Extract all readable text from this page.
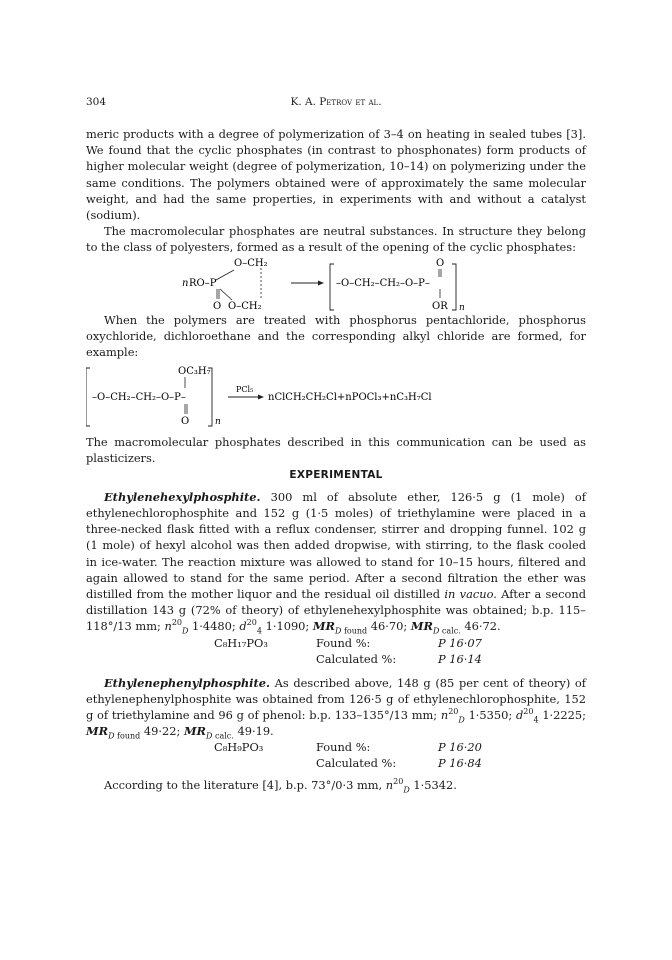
304	K. A. Petrov et al.

meric products with a degree of polymerization of 3–4 on heating in sealed tubes [3]. We found that the cyclic phosphates (in contrast to phosphonates) form products of higher molecular weight (degree of polymerization, 10–14) on polymerizing under the same conditions. The polymers obtained were of approximately the same molecular weight, and had the same properties, in experiments with and without a catalyst (sodium).

The macromolecular phosphates are neutral substances. In structure they belong to the class of polyesters, formed as a result of the opening of the cyclic phosphates:

O–CH₂
n RO–P
O O–CH₂
–O–CH₂–CH₂–O–P–
O
OR n

When the polymers are treated with phosphorus pentachloride, phosphorus oxychloride, dichloroethane and the corresponding alkyl chloride are formed, for example:

–O–CH₂–CH₂–O–P–
OC₃H₇
O	n
PCl₅
nClCH₂CH₂Cl+nPOCl₃+nC₃H₇Cl

The macromolecular phosphates described in this communication can be used as plasticizers.

EXPERIMENTAL

Ethylenehexylphosphite. 300 ml of absolute ether, 126·5 g (1 mole) of ethylenechlorophosphite and 152 g (1·5 moles) of triethylamine were placed in a three-necked flask fitted with a reflux condenser, stirrer and dropping funnel. 102 g (1 mole) of hexyl alcohol was then added dropwise, with stirring, to the flask cooled in ice-water. The reaction mixture was allowed to stand for 10–15 hours, filtered and again allowed to stand for the same period. After a second filtration the ether was distilled from the mother liquor and the residual oil distilled in vacuo. After a second distillation 143 g (72% of theory) of ethylenehexylphosphite was obtained; b.p. 115–118°/13 mm; $n^{20}_D$ 1·4480; $d^{20}_4$ 1·1090; $MR_{D found}$ 46·70; $MR_{D calc.}$ 46·72.

C₈H₁₇PO₃	Found %:	P 16·07
Calculated %:	P 16·14

Ethylenephenylphosphite. As described above, 148 g (85 per cent of theory) of ethylenephenylphosphite was obtained from 126·5 g of ethylenechlorophosphite, 152 g of triethylamine and 96 g of phenol: b.p. 133–135°/13 mm; $n^{20}_D$ 1·5350; $d^{20}_4$ 1·2225; $MR_{D found}$ 49·22; $MR_{D calc.}$ 49·19.

C₈H₉PO₃	Found %:	P 16·20
Calculated %:	P 16·84

According to the literature [4], b.p. 73°/0·3 mm, $n^{20}_D$ 1·5342.
